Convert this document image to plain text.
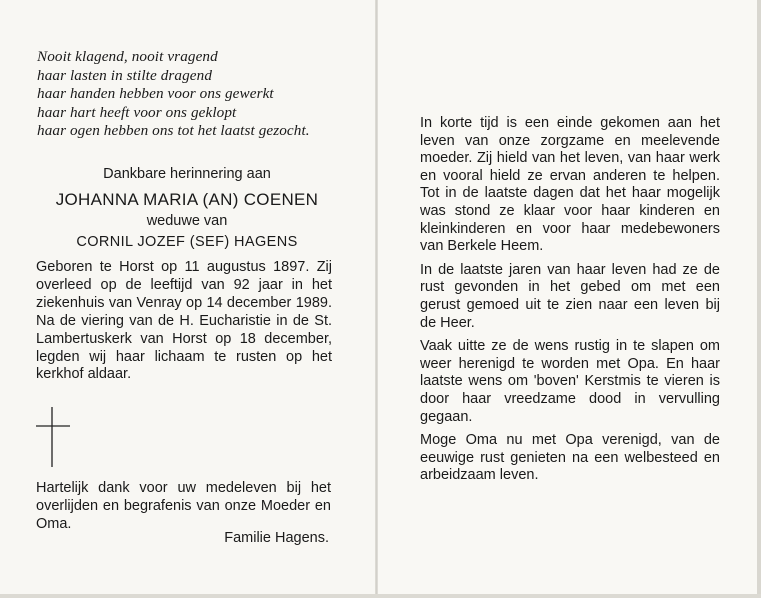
Nooit klagend, nooit vragend
haar lasten in stilte dragend
haar handen hebben voor ons gewerkt
haar hart heeft voor ons geklopt
haar ogen hebben ons tot het laatst gezocht.
Dankbare herinnering aan
JOHANNA MARIA (AN) COENEN
weduwe van
CORNIL JOZEF (SEF) HAGENS
Geboren te Horst op 11 augustus 1897. Zij overleed op de leeftijd van 92 jaar in het ziekenhuis van Venray op 14 december 1989. Na de viering van de H. Eucharistie in de St. Lambertuskerk van Horst op 18 december, legden wij haar lichaam te rusten op het kerkhof aldaar.
Hartelijk dank voor uw medeleven bij het overlijden en begrafenis van onze Moeder en Oma.
Familie Hagens.

In korte tijd is een einde gekomen aan het leven van onze zorgzame en meelevende moeder. Zij hield van het leven, van haar werk en vooral hield ze ervan anderen te helpen. Tot in de laatste dagen dat het haar mogelijk was stond ze klaar voor haar kinderen en kleinkinderen en voor haar medebewoners van Berkele Heem.

In de laatste jaren van haar leven had ze de rust gevonden in het gebed om met een gerust gemoed uit te zien naar een leven bij de Heer.

Vaak uitte ze de wens rustig in te slapen om weer herenigd te worden met Opa. En haar laatste wens om 'boven' Kerstmis te vieren is door haar vreedzame dood in vervulling gegaan.

Moge Oma nu met Opa verenigd, van de eeuwige rust genieten na een welbesteed en arbeidzaam leven.
